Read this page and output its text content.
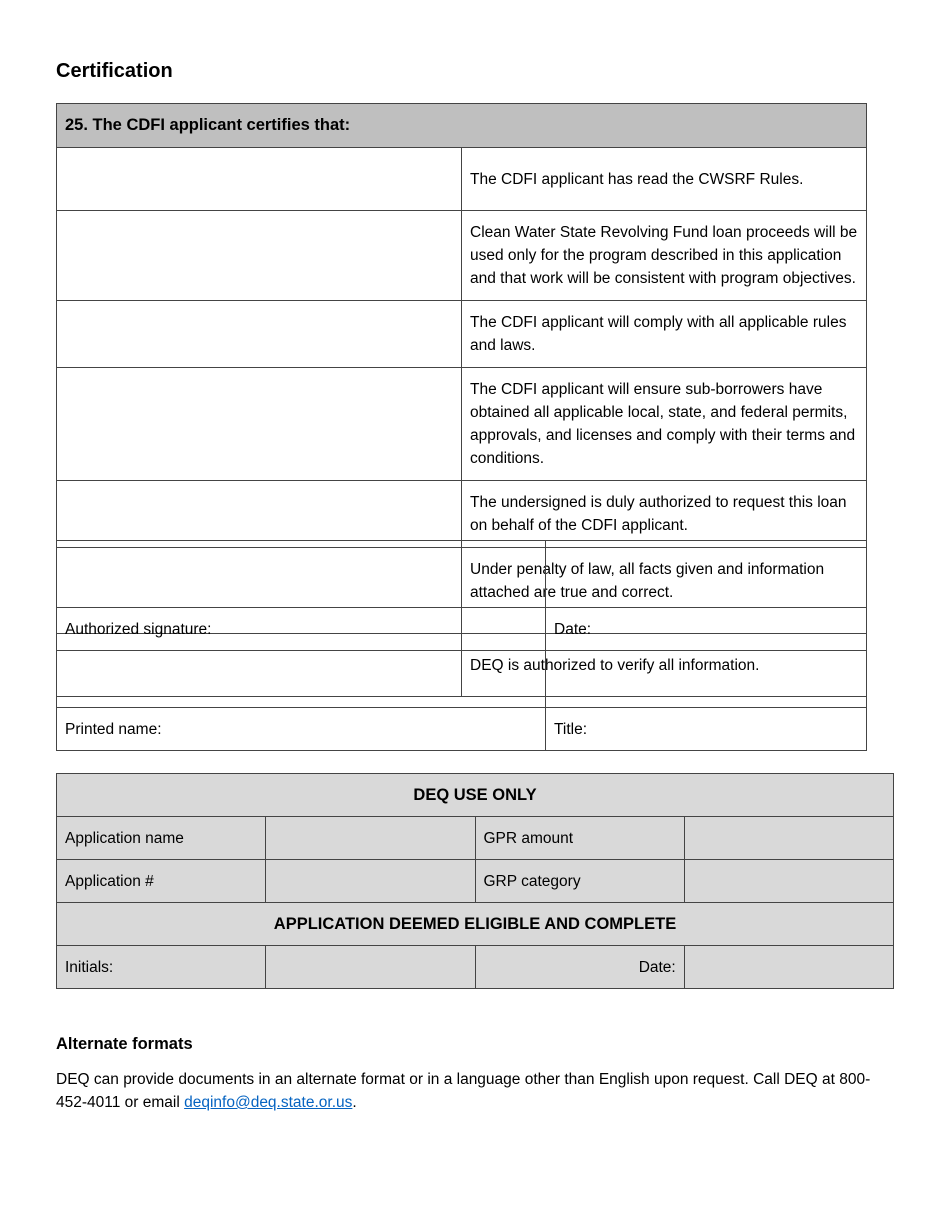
Certification
25. The CDFI applicant certifies that:	
	The CDFI applicant has read the CWSRF Rules.
	Clean Water State Revolving Fund loan proceeds will be used only for the program described in this application and that work will be consistent with program objectives.
	The CDFI applicant will comply with all applicable rules and laws.
	The CDFI applicant will ensure sub-borrowers have obtained all applicable local, state, and federal permits, approvals, and licenses and comply with their terms and conditions.
	The undersigned is duly authorized to request this loan on behalf of the CDFI applicant.
	Under penalty of law, all facts given and information attached are true and correct.
	DEQ is authorized to verify all information.

Authorized signature:	Date:

Printed name:	Title:
DEQ USE ONLY			
Application name		GPR amount	
Application #		GRP category	
APPLICATION DEEMED ELIGIBLE AND COMPLETE			
Initials:		Date:	
Alternate formats

DEQ can provide documents in an alternate format or in a language other than English upon request. Call DEQ at 800-452-4011 or email deqinfo@deq.state.or.us.
